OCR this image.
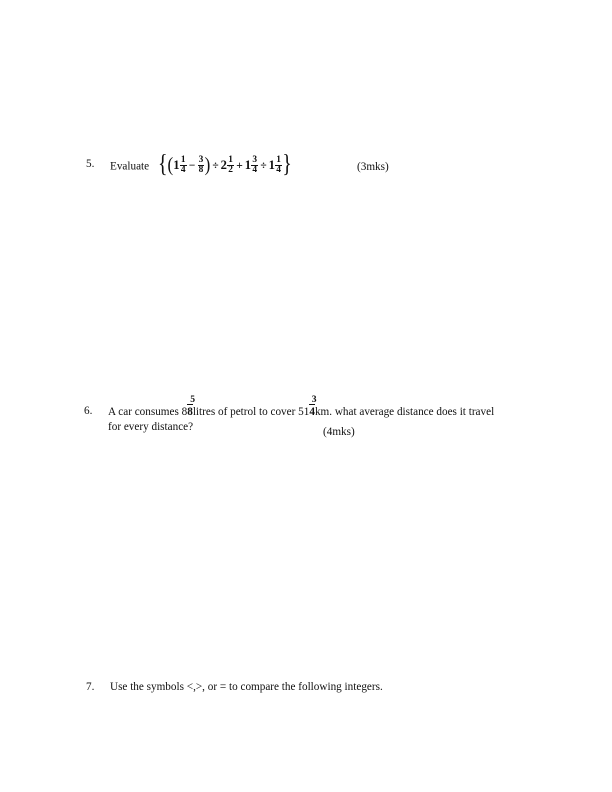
5.	Evaluate {($1 \frac{1}{4} - \frac{3}{8}$ ) ÷ $2 \frac{1}{2} + 1 \frac{3}{4} \div 1 \frac{1}{4}$ }	(3mks)
6.	A car consumes 8
5
8litres of petrol to cover 51
3
4km. what average distance does it travel
for every distance?	(4mks)
7.	Use the symbols <,>, or = to compare the following integers.
